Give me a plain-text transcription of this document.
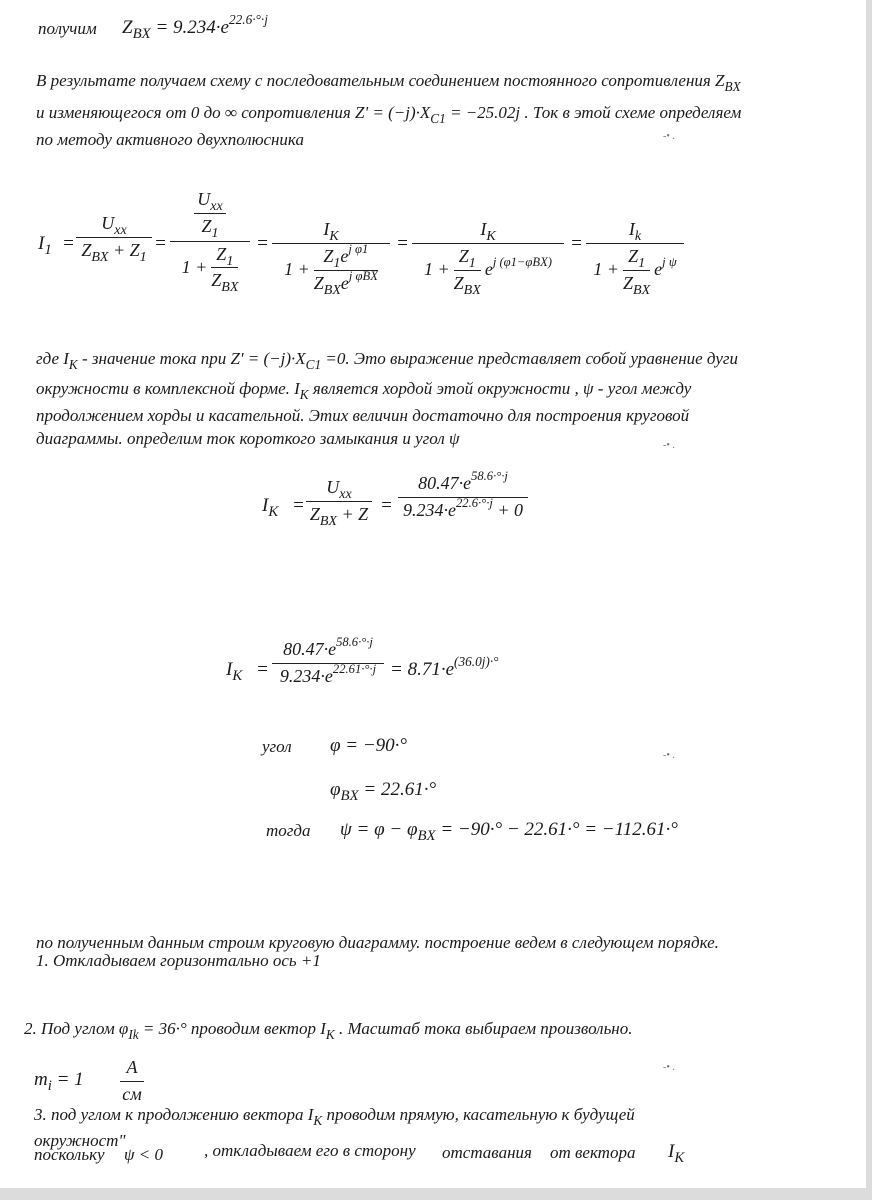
получим $Z_{BX} = 9.234\cdot e^{22.6\cdot^\circ\cdot j}$
В результате получаем схему с последовательным соединением постоянного сопротивления $Z_{BX}$
и изменяющегося от 0 до ∞ сопротивления $Z' = (-j)\cdot X_{C1} = -25.02j$ . Ток в этой схеме определяем
по методу активного двухполюсника	-• .
$I_1$ =
$U_{xx}$
$Z_{BX} + Z_1$
=
$\frac{U_{xx}}{Z_1}$
$1 + \frac{Z_1}{Z_{BX}}$
=
$I_K$
$1 + \frac{Z_1e^{j \varphi 1}}{Z_{BX}e^{j \varphi BX}}$
=
$I_K$
$1 + \frac{Z_1}{Z_{BX}} e^{j (\varphi 1-\varphi BX)}$
=
$I_k$
$1 + \frac{Z_1}{Z_{BX}} e^{j \psi}$
где $I_K$ - значение тока при $Z' = (-j)\cdot X_{C1} =0$. Это выражение представляет собой уравнение дуги
окружности в комплексной форме. $I_K$ является хордой этой окружности , ψ - угол между
продолжением хорды и касательной. Этих величин достаточно для построения круговой
диаграммы. определим ток короткого замыкания и угол ψ	-• .
$I_K$ =
$U_{xx}$
$Z_{BX} + Z$ =
$80.47\cdot e^{58.6\cdot^\circ\cdot j}$
$9.234\cdot e^{22.6\cdot^\circ\cdot j} + 0$
$I_K$ =
$80.47\cdot e^{58.6\cdot^\circ\cdot j}$
$9.234\cdot e^{22.61\cdot^\circ\cdot j} = 8.71\cdot e^{(36.0j)\cdot^\circ}$
угол φ = −90·°	-• .
$\varphi_{BX} = 22.61\cdot^\circ$
тогда $\psi = \varphi - \varphi_{BX} = -90\cdot^\circ - 22.61\cdot^\circ = -112.61\cdot^\circ$
по полученным данным строим круговую диаграмму. построение ведем в следующем порядке.
1. Откладываем горизонтально ось +1
2. Под углом $\varphi_{Ik} = 36\cdot^\circ$ проводим вектор $I_K$ . Масштаб тока выбираем произвольно.
$m_i = 1$
A
см
-• .
3. под углом к продолжению вектора $I_K$ проводим прямую, касательную к будущей
окружност"
поскольку ψ < 0 , откладываем его в сторону отставания от вектора $I_K$
